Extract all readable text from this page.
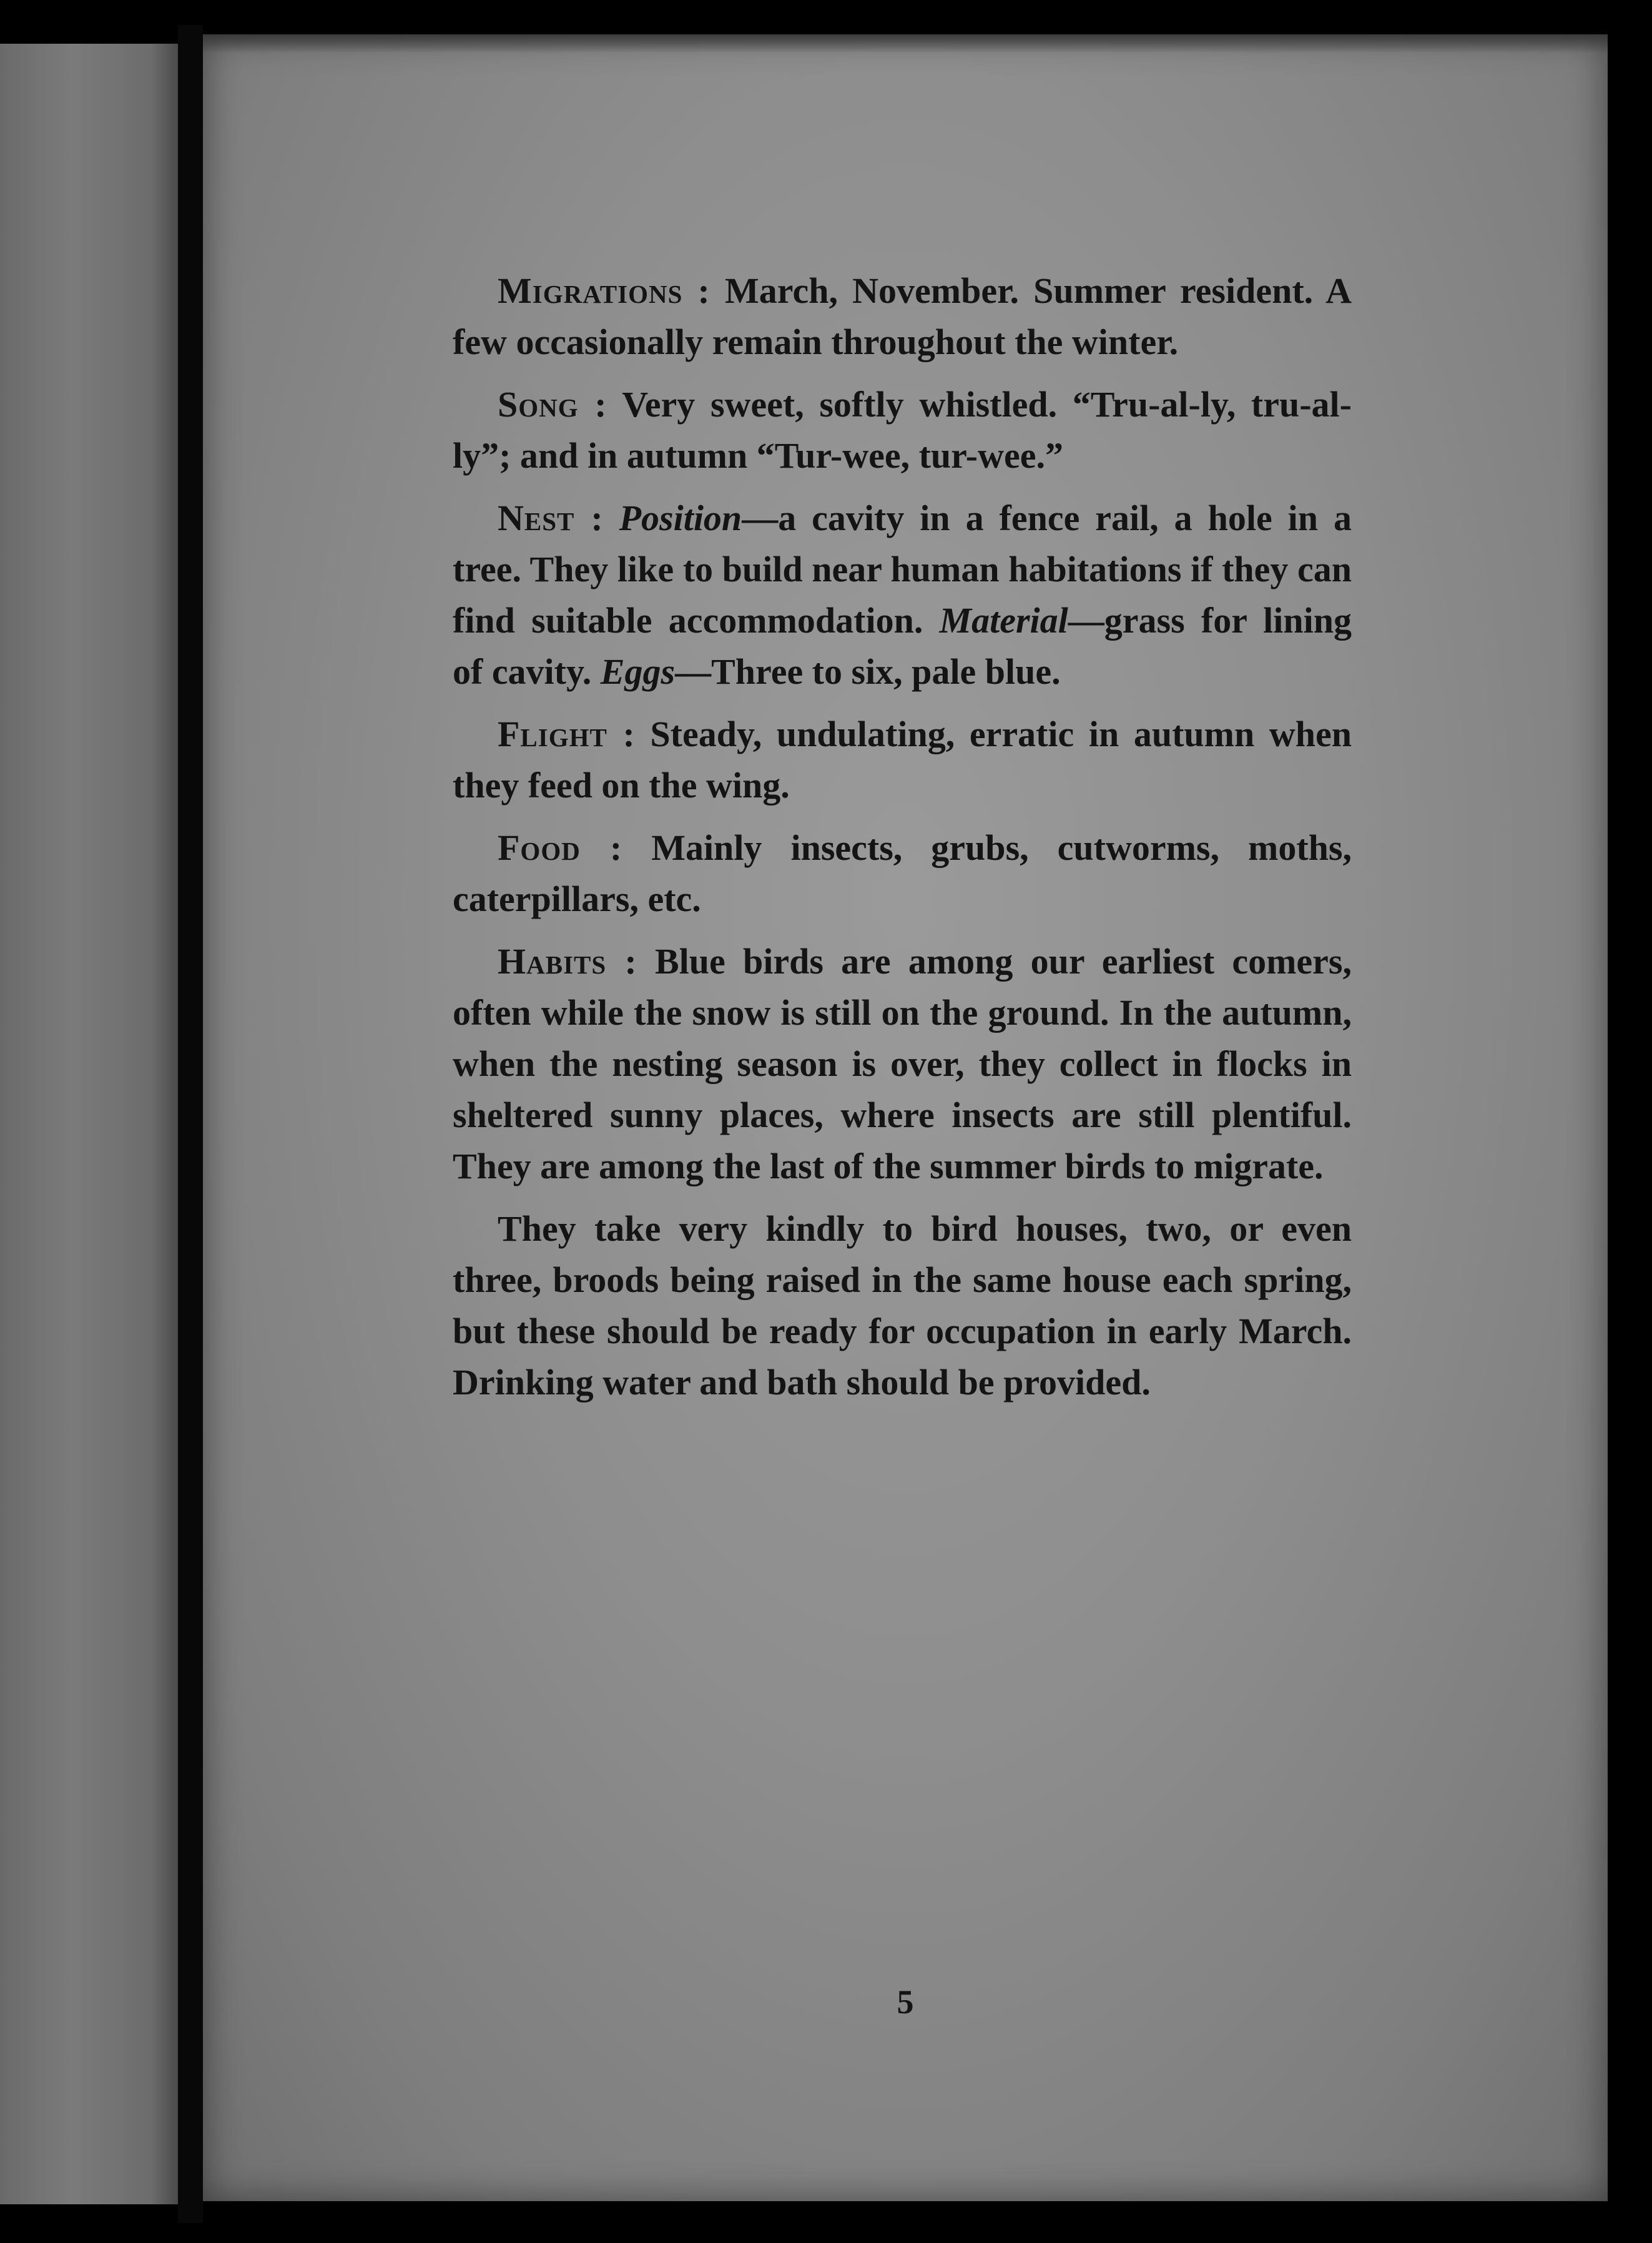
Migrations : March, November. Summer resident. A few occasionally remain throughout the winter.

Song : Very sweet, softly whistled. “Tru-al-ly, tru-al-ly”; and in autumn “Tur-wee, tur-wee.”

Nest : Position—a cavity in a fence rail, a hole in a tree. They like to build near human habitations if they can find suitable accommodation. Material—grass for lining of cavity. Eggs—Three to six, pale blue.

Flight : Steady, undulating, erratic in autumn when they feed on the wing.

Food : Mainly insects, grubs, cutworms, moths, caterpillars, etc.

Habits : Blue birds are among our earliest comers, often while the snow is still on the ground. In the autumn, when the nesting season is over, they collect in flocks in sheltered sunny places, where insects are still plentiful. They are among the last of the summer birds to migrate.

They take very kindly to bird houses, two, or even three, broods being raised in the same house each spring, but these should be ready for occupation in early March. Drinking water and bath should be provided.

5
